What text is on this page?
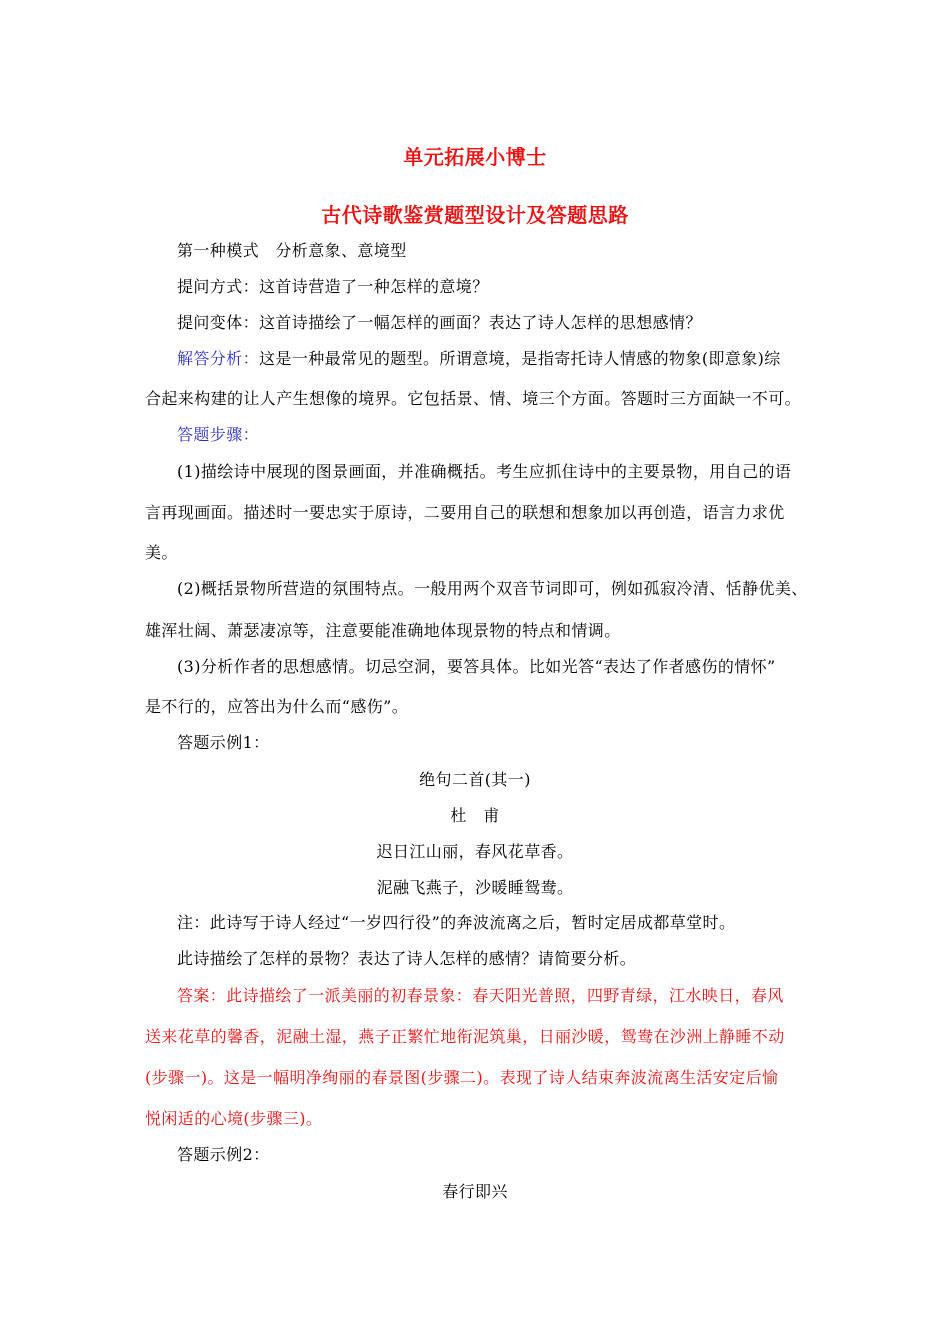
单元拓展小博士
古代诗歌鉴赏题型设计及答题思路
第一种模式　分析意象、意境型
提问方式：这首诗营造了一种怎样的意境？
提问变体：这首诗描绘了一幅怎样的画面？表达了诗人怎样的思想感情？
解答分析：这是一种最常见的题型。所谓意境，是指寄托诗人情感的物象(即意象)综
合起来构建的让人产生想像的境界。它包括景、情、境三个方面。答题时三方面缺一不可。
答题步骤：
(1)描绘诗中展现的图景画面，并准确概括。考生应抓住诗中的主要景物，用自己的语
言再现画面。描述时一要忠实于原诗，二要用自己的联想和想象加以再创造，语言力求优
美。
(2)概括景物所营造的氛围特点。一般用两个双音节词即可，例如孤寂冷清、恬静优美、
雄浑壮阔、萧瑟凄凉等，注意要能准确地体现景物的特点和情调。
(3)分析作者的思想感情。切忌空洞，要答具体。比如光答“表达了作者感伤的情怀”
是不行的，应答出为什么而“感伤”。
答题示例1：
绝句二首(其一)
杜　甫
迟日江山丽，春风花草香。
泥融飞燕子，沙暖睡鸳鸯。
注：此诗写于诗人经过“一岁四行役”的奔波流离之后，暂时定居成都草堂时。
此诗描绘了怎样的景物？表达了诗人怎样的感情？请简要分析。
答案：此诗描绘了一派美丽的初春景象：春天阳光普照，四野青绿，江水映日，春风
送来花草的馨香，泥融土湿，燕子正繁忙地衔泥筑巢，日丽沙暖，鸳鸯在沙洲上静睡不动
(步骤一)。这是一幅明净绚丽的春景图(步骤二)。表现了诗人结束奔波流离生活安定后愉
悦闲适的心境(步骤三)。
答题示例2：
春行即兴
